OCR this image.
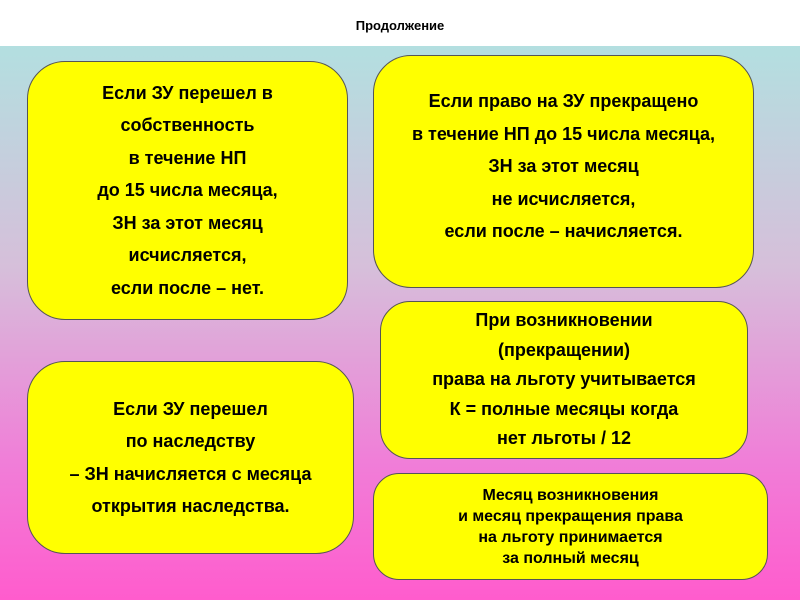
Продолжение
Если ЗУ перешел в
собственность
в течение НП
до 15 числа месяца,
ЗН за этот месяц
исчисляется,
если после – нет.
Если право на ЗУ прекращено
в течение НП до 15 числа месяца,
ЗН за этот месяц
не исчисляется,
если после – начисляется.
При возникновении
(прекращении)
права на льготу учитывается
К = полные месяцы когда
нет льготы / 12
Если ЗУ перешел
по наследству
– ЗН начисляется с месяца
открытия наследства.
Месяц возникновения
и месяц прекращения права
на льготу принимается
за полный месяц
